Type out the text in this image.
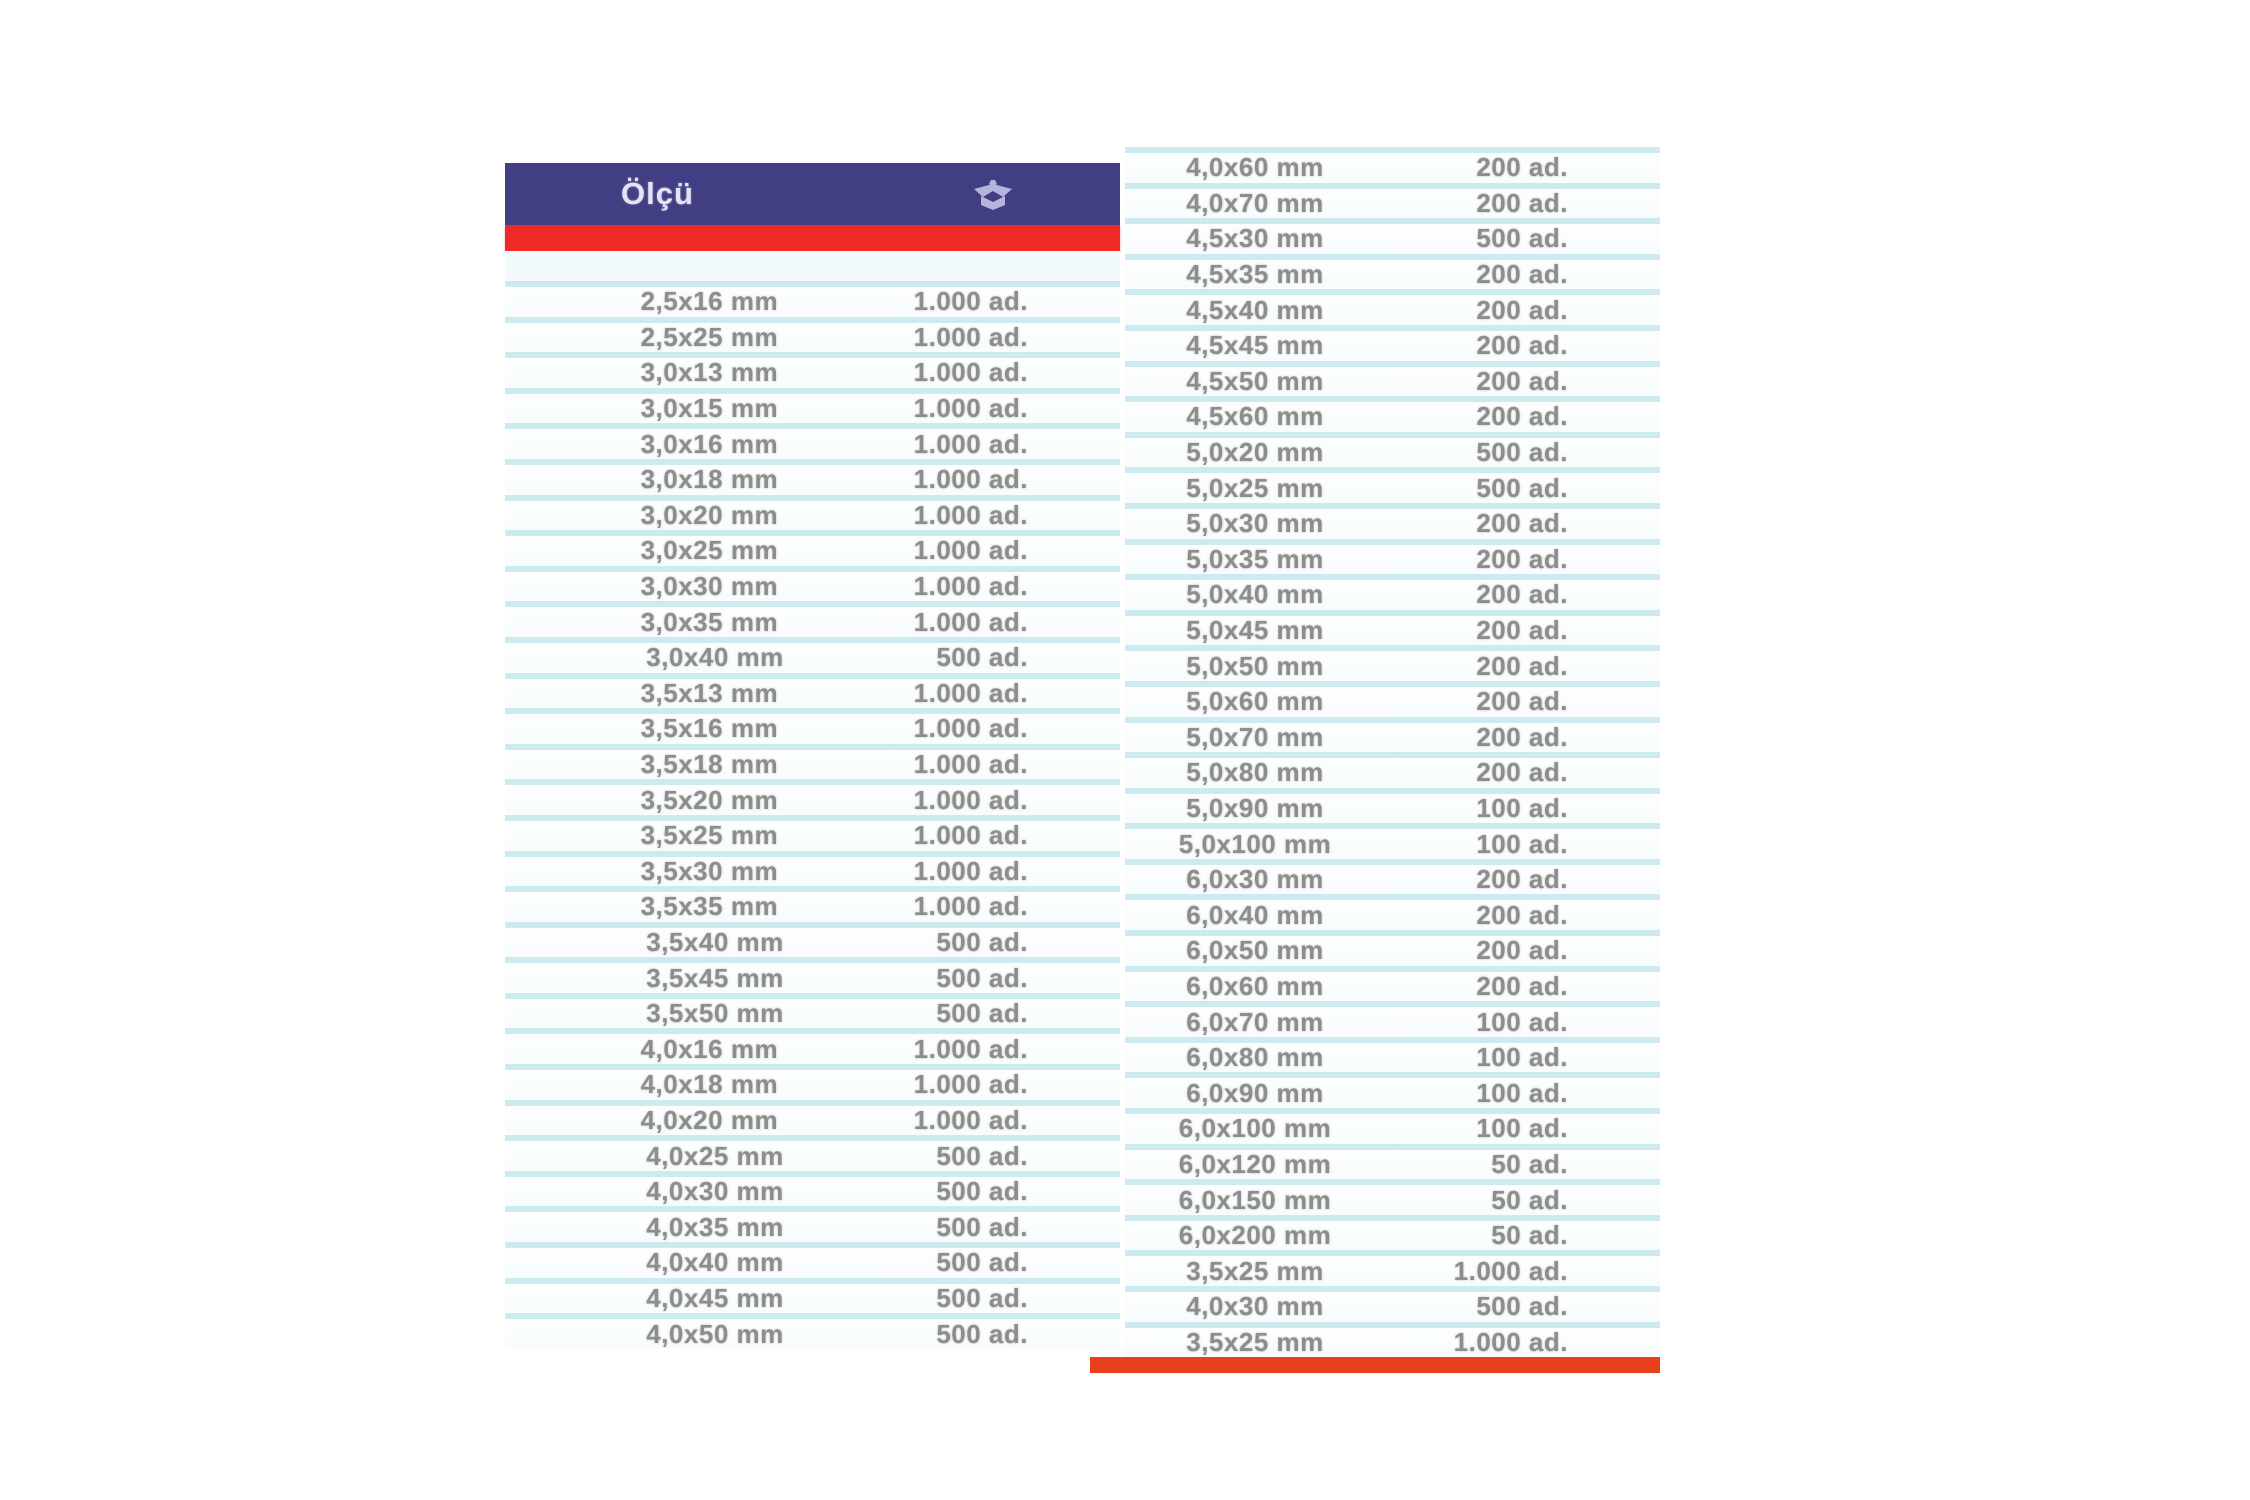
Ölçü
2,5x16 mm	1.000 ad.
2,5x25 mm	1.000 ad.
3,0x13 mm	1.000 ad.
3,0x15 mm	1.000 ad.
3,0x16 mm	1.000 ad.
3,0x18 mm	1.000 ad.
3,0x20 mm	1.000 ad.
3,0x25 mm	1.000 ad.
3,0x30 mm	1.000 ad.
3,0x35 mm	1.000 ad.
3,0x40 mm	500 ad.
3,5x13 mm	1.000 ad.
3,5x16 mm	1.000 ad.
3,5x18 mm	1.000 ad.
3,5x20 mm	1.000 ad.
3,5x25 mm	1.000 ad.
3,5x30 mm	1.000 ad.
3,5x35 mm	1.000 ad.
3,5x40 mm	500 ad.
3,5x45 mm	500 ad.
3,5x50 mm	500 ad.
4,0x16 mm	1.000 ad.
4,0x18 mm	1.000 ad.
4,0x20 mm	1.000 ad.
4,0x25 mm	500 ad.
4,0x30 mm	500 ad.
4,0x35 mm	500 ad.
4,0x40 mm	500 ad.
4,0x45 mm	500 ad.
4,0x50 mm	500 ad.
4,0x60 mm	200 ad.
4,0x70 mm	200 ad.
4,5x30 mm	500 ad.
4,5x35 mm	200 ad.
4,5x40 mm	200 ad.
4,5x45 mm	200 ad.
4,5x50 mm	200 ad.
4,5x60 mm	200 ad.
5,0x20 mm	500 ad.
5,0x25 mm	500 ad.
5,0x30 mm	200 ad.
5,0x35 mm	200 ad.
5,0x40 mm	200 ad.
5,0x45 mm	200 ad.
5,0x50 mm	200 ad.
5,0x60 mm	200 ad.
5,0x70 mm	200 ad.
5,0x80 mm	200 ad.
5,0x90 mm	100 ad.
5,0x100 mm	100 ad.
6,0x30 mm	200 ad.
6,0x40 mm	200 ad.
6,0x50 mm	200 ad.
6,0x60 mm	200 ad.
6,0x70 mm	100 ad.
6,0x80 mm	100 ad.
6,0x90 mm	100 ad.
6,0x100 mm	100 ad.
6,0x120 mm	50 ad.
6,0x150 mm	50 ad.
6,0x200 mm	50 ad.
3,5x25 mm	1.000 ad.
4,0x30 mm	500 ad.
3,5x25 mm	1.000 ad.
